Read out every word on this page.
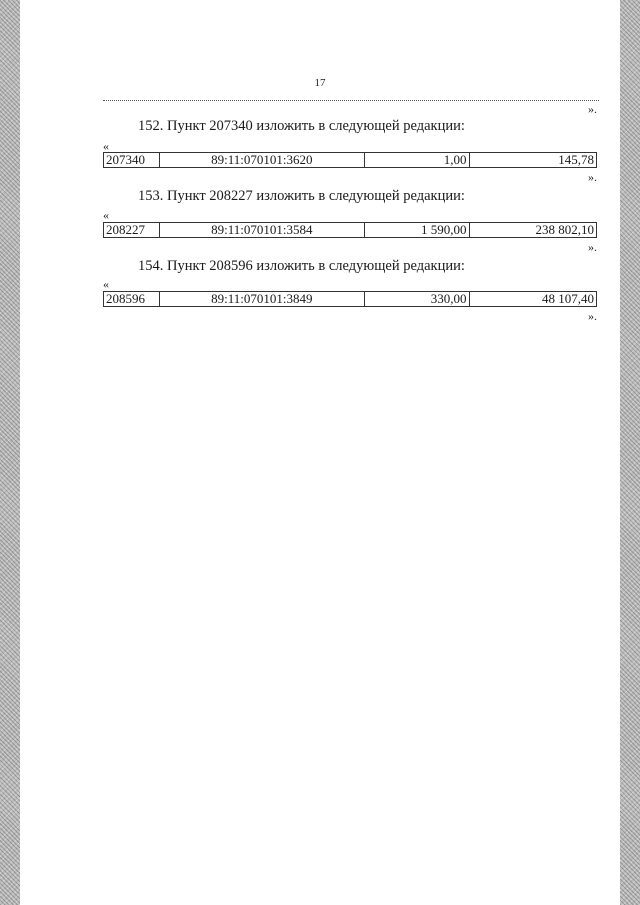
17
».
152. Пункт 207340 изложить в следующей редакции:
«
207340	89:11:070101:3620	1,00	145,78
».
153. Пункт 208227 изложить в следующей редакции:
«
208227	89:11:070101:3584	1 590,00	238 802,10
».
154. Пункт 208596 изложить в следующей редакции:
«
208596	89:11:070101:3849	330,00	48 107,40
».
